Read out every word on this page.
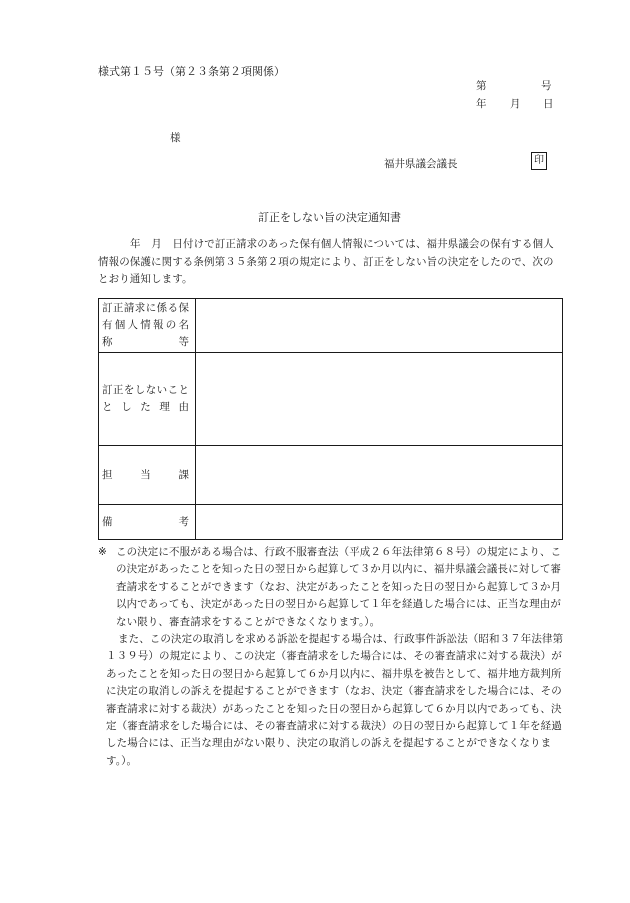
様式第１５号（第２３条第２項関係）
第	号
年 月 日
様
福井県議会議長	印
訂正をしない旨の決定通知書
年　月　日付けで訂正請求のあった保有個人情報については、福井県議会の保有する個人情報の保護に関する条例第３５条第２項の規定により、訂正をしない旨の決定をしたので、次のとおり通知します。
訂正請求に係る保有個人情報の名　　称　　等	

訂正をしないこととした理由	

担　　当　　課	

備　　　　考	

※ この決定に不服がある場合は、行政不服審査法（平成２６年法律第６８号）の規定により、この決定があったことを知った日の翌日から起算して３か月以内に、福井県議会議長に対して審査請求をすることができます（なお、決定があったことを知った日の翌日から起算して３か月以内であっても、決定があった日の翌日から起算して１年を経過した場合には、正当な理由がない限り、審査請求をすることができなくなります。）。
また、この決定の取消しを求める訴訟を提起する場合は、行政事件訴訟法（昭和３７年法律第１３９号）の規定により、この決定（審査請求をした場合には、その審査請求に対する裁決）があったことを知った日の翌日から起算して６か月以内に、福井県を被告として、福井地方裁判所に決定の取消しの訴えを提起することができます（なお、決定（審査請求をした場合には、その審査請求に対する裁決）があったことを知った日の翌日から起算して６か月以内であっても、決定（審査請求をした場合には、その審査請求に対する裁決）の日の翌日から起算して１年を経過した場合には、正当な理由がない限り、決定の取消しの訴えを提起することができなくなります。）。
